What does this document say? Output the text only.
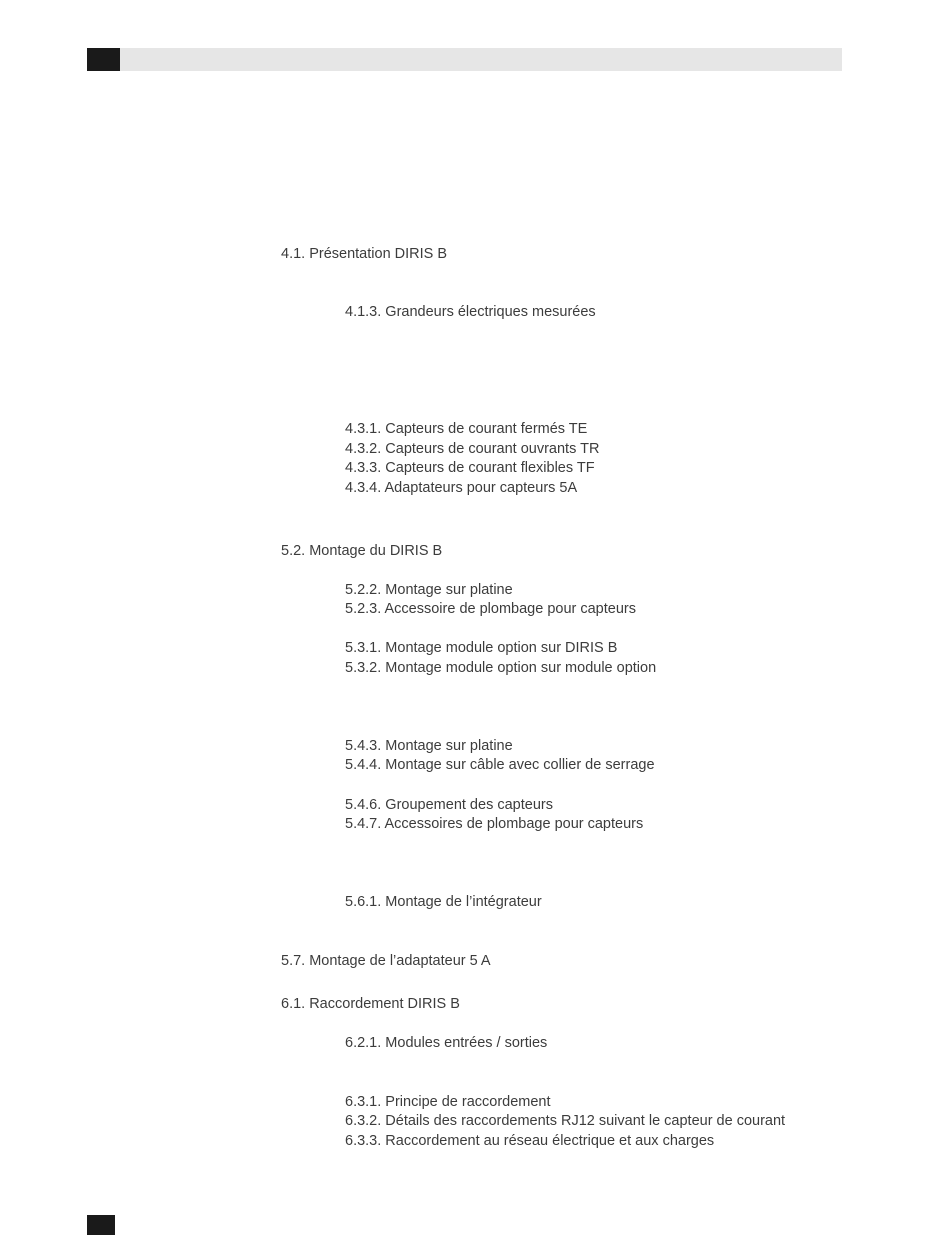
4.1. Présentation DIRIS B
4.1.3. Grandeurs électriques mesurées
4.3.1. Capteurs de courant fermés TE
4.3.2. Capteurs de courant ouvrants TR
4.3.3. Capteurs de courant flexibles TF
4.3.4. Adaptateurs pour capteurs 5A
5.2. Montage du DIRIS B
5.2.2. Montage sur platine
5.2.3. Accessoire de plombage pour capteurs
5.3.1. Montage module option sur DIRIS B
5.3.2. Montage module option sur module option
5.4.3. Montage sur platine
5.4.4. Montage sur câble avec collier de serrage
5.4.6. Groupement des capteurs
5.4.7. Accessoires de plombage pour capteurs
5.6.1. Montage de l’intégrateur
5.7. Montage de l’adaptateur 5 A
6.1. Raccordement DIRIS B
6.2.1. Modules entrées / sorties
6.3.1. Principe de raccordement
6.3.2. Détails des raccordements RJ12 suivant le capteur de courant
6.3.3. Raccordement au réseau électrique et aux charges
